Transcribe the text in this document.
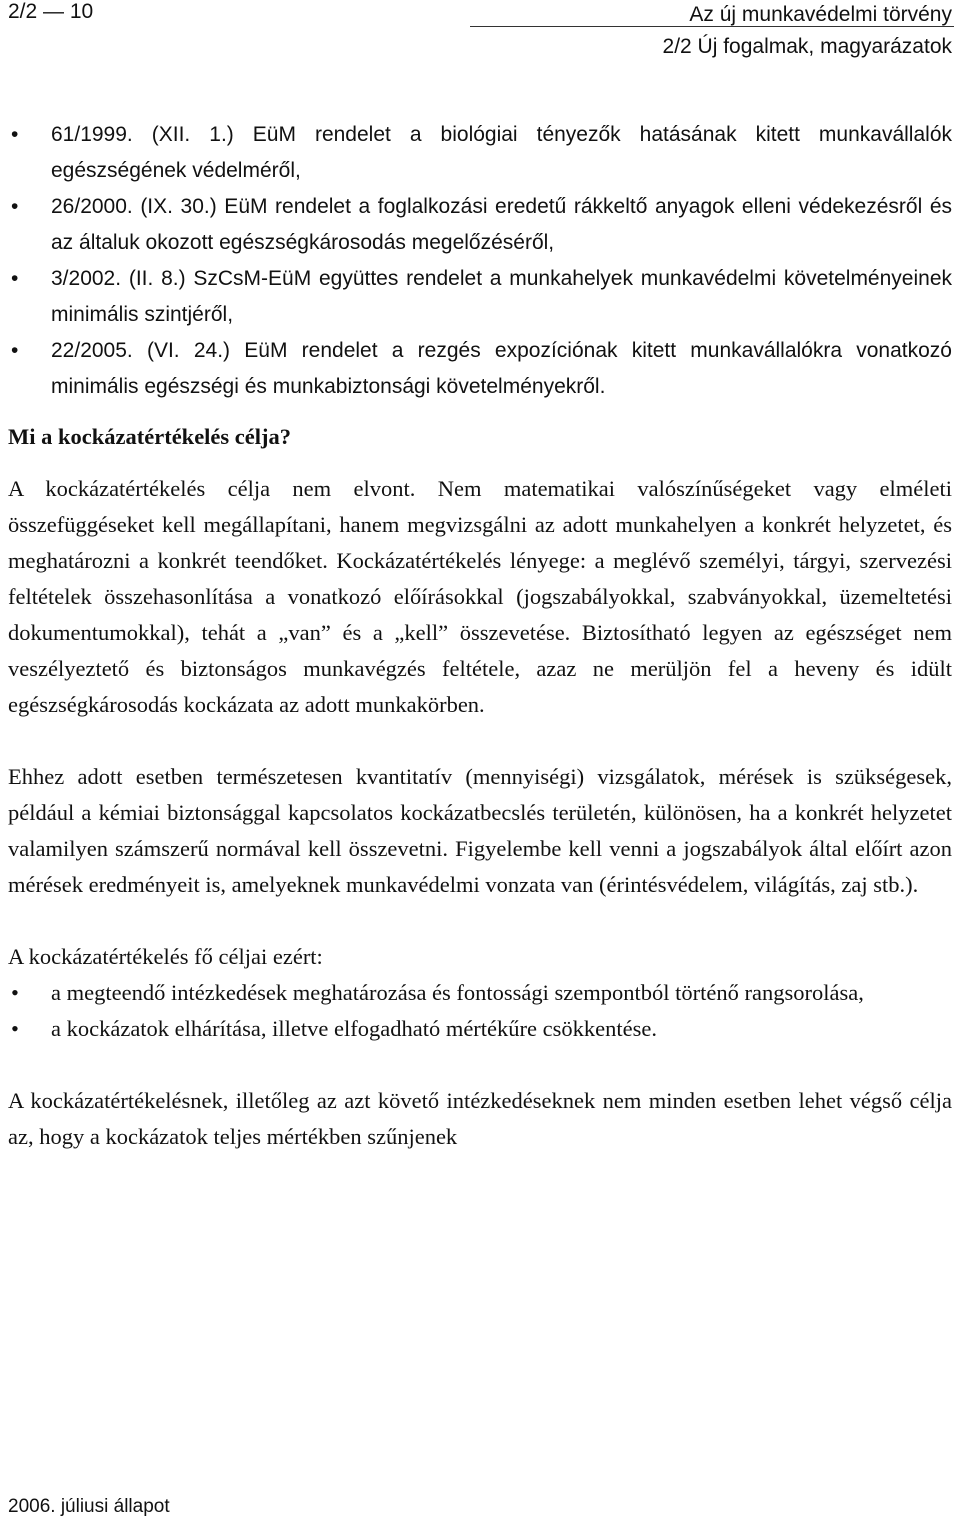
2/2 — 10	Az új munkavédelmi törvény
2/2 Új fogalmak, magyarázatok
• 61/1999. (XII. 1.) EüM rendelet a biológiai tényezők hatásának kitett munkavállalók egészségének védelméről,
• 26/2000. (IX. 30.) EüM rendelet a foglalkozási eredetű rákkeltő anyagok elleni védekezésről és az általuk okozott egészségkárosodás megelőzéséről,
• 3/2002. (II. 8.) SzCsM-EüM együttes rendelet a munkahelyek munkavédelmi követelményeinek minimális szintjéről,
• 22/2005. (VI. 24.) EüM rendelet a rezgés expozíciónak kitett munkavállalókra vonatkozó minimális egészségi és munkabiztonsági követelményekről.
Mi a kockázatértékelés célja?

A kockázatértékelés célja nem elvont. Nem matematikai valószínűségeket vagy elméleti összefüggéseket kell megállapítani, hanem megvizsgálni az adott munkahelyen a konkrét helyzetet, és meghatározni a konkrét teendőket. Kockázatértékelés lényege: a meglévő személyi, tárgyi, szervezési feltételek összehasonlítása a vonatkozó előírásokkal (jogszabályokkal, szabványokkal, üzemeltetési dokumentumokkal), tehát a „van” és a „kell” összevetése. Biztosítható legyen az egészséget nem veszélyeztető és biztonságos munkavégzés feltétele, azaz ne merüljön fel a heveny és idült egészségkárosodás kockázata az adott munkakörben.

Ehhez adott esetben természetesen kvantitatív (mennyiségi) vizsgálatok, mérések is szükségesek, például a kémiai biztonsággal kapcsolatos kockázatbecslés területén, különösen, ha a konkrét helyzetet valamilyen számszerű normával kell összevetni. Figyelembe kell venni a jogszabályok által előírt azon mérések eredményeit is, amelyeknek munkavédelmi vonzata van (érintésvédelem, világítás, zaj stb.).

A kockázatértékelés fő céljai ezért:

• a megteendő intézkedések meghatározása és fontossági szempontból történő rangsorolása,
• a kockázatok elhárítása, illetve elfogadható mértékűre csökkentése.

A kockázatértékelésnek, illetőleg az azt követő intézkedéseknek nem minden esetben lehet végső célja az, hogy a kockázatok teljes mértékben szűnjenek

2006. júliusi állapot
